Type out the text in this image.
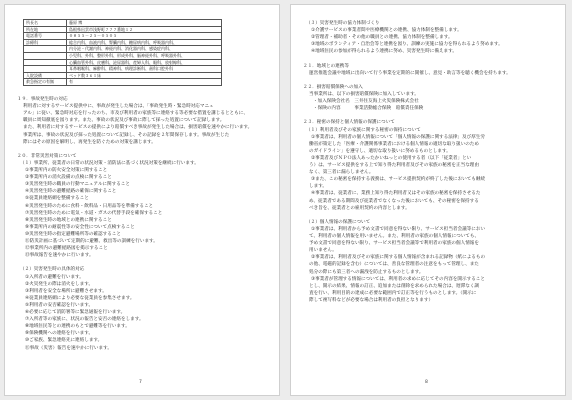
所長名	藤原 博
所在地	島根県出雲市浅野町７７７番地１２
電話番号	０８５５－２５－０５０５
診療科	総合内科、血液内科、腎臓内科、糖尿病内科、呼吸器内科、
	内分泌・代謝内科、神経内科、消化器内科、感染症内科、
	小児科、外科、整形外科、形成外科、脳神経外科、呼吸器外科、
	心臓血管外科、皮膚科、泌尿器科、産婦人科、眼科、放射線科、
	耳鼻咽喉科、麻酔科、精神科、病理診断科、歯科口腔外科
入院設備	ベッド数３６１床
救急指定の有無	有
１９．事故発生時の対応
利用者に対するサービス提供中に、事故が発生した場合は、「事故発生時・緊急時対応マニュ
アル」に従い、緊急時対応を行ったのち、市及び利用者の家族等に連絡する等必要な措置を講じるとともに、
職員に周知徹底を図ります。また、事故の状況及び事故に際して採った処置について記録します。
また、利用者に対するサービスの提供により賠償すべき事故が発生した場合は、損害賠償を速やかに行います。
事業所は、事故の状況及び採った処置について記録し、その記録を２年間保存します。事故が生じた
際にはその原因を解明し、再発生を防ぐための対策を講じます。
２０．非常災害対策について
（１）事業所、従業者の日常の状況対策・消防法に基づく状況対策を継続に行います。
①事業所内の防火安全対策に関すること
②事業所内の消火設備の点検に関すること
③災害発生時の職員の行動マニュアルに関すること
④災害発生時の避難経路の確保に関すること
⑤従業員連絡網を整備すること
⑥災害発生時のために食料・飲料品・日用品等を準備すること
⑦災害発生時のために電気・水道・ガスの代替手段を確保すること
⑧災害発生時の地域との連携に関すること
⑨事業所内の耐震性等の安全性について点検すること
⑩災害発生時の指定避難場所等の確認すること
⑪防災計画に基づいて定期的に避難、救出等の訓練を行います。
⑫事業所内の避難経路図を掲示すること
⑬事故報告を速やかに行います。
（２）災害発生時の具体的対応
①入所者の避難を行います。
②火災発生の際は消火をします。
③利用者を安全な場所に避難させます。
④従業員連絡網により必要な従業員を参集させます。
⑤利用者の安否確認を行います。
⑥必要に応じて消防署等に緊急通報を行います。
⑦入所者等の家族に、状況の報告と安否の連絡をします。
⑧地域住民等との連携のもとで避難等を行います。
⑨保険機関への連絡を行います。
⑩ご家族、緊急連絡先に連絡します。
⑪事故（災害）報告を速やかに行います。
7
（３）災害発生時の協力体制づくり
①介護サービスの事業者間や医療機関との連携、協力体制を整備します。
②管理者・補助者・その他の職員との連携、協力体制を整備します。
③地域のボランティア・自治会等と連携を図り、訓練の実施に協力を得られるよう努めます。
④地域住民の参加が得られるよう連携に努め、災害発生時に備えます。
２１．地域との連携等
運営推進会議や地域に出向いて行う事業を定期的に開催し、意見・助言等を聴く機会を持ちます。
２２．損害賠償保険への加入
当事業所は、以下の損害賠償保険に加入しています。
・加入保険会社名　三井住友海上火災保険株式会社
・保険の内容　　　事業活動総合保険　賠償責任保険
２３．秘密の保持と個人情報の保護について
（１）利用者及びその家族に関する秘密の保持について
①事業者は、利用者の個人情報について「個人情報の保護に関する法律」及び厚生労
働省が策定した「医療・介護関係事業者における個人情報の適切な取り扱いのため
のガイドライン」を遵守し、適切な取り扱いに努めるものとします。
②事業者及びＮＰＯ法人あったかいねっとの使用する者（以下「従業者」とい
う）は、サービス提供をする上で知り得た利用者及びその家族の秘密を正当な理由
なく、第三者に漏らしません。
③また、この秘密を保持する義務は、サービス提供契約が終了した後においても継続
します。
④事業者は、従業者に、業務上知り得た利用者又はその家族の秘密を保持させるた
め、従業者である期間及び従業者でなくなった後においても、その秘密を保持する
べき旨を、従業者との雇用契約の内容とします。
（２）個人情報の保護について
①事業者は、利用者から予め文書で同意を得ない限り、サービス担当者会議等におい
て、利用者の個人情報を用いません。また、利用者の家族の個人情報についても、
予め文書で同意を得ない限り、サービス担当者会議等で利用者の家族の個人情報を
用いません。
②事業者は、利用者及びその家族に関する個人情報が含まれる記録物（紙によるもの
の他、電磁的記録を含む）については、善良な管理者の注意をもって管理し、また
処分の際にも第三者への漏洩を防止するものとします。
③事業者が管理する情報については、利用者の求めに応じてその内容を開示すること
とし、開示の結果、情報の訂正、追加または削除を求められた場合は、遅滞なく調
査を行い、利用目的の達成に必要な範囲内で訂正等を行うものとします。（開示に
際して複写料などが必要な場合は利用者の負担となります）
8
